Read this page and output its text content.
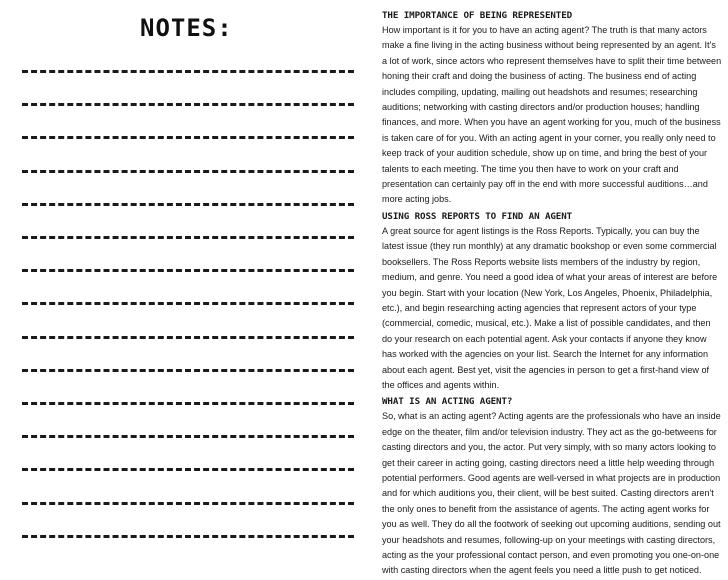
NOTES:	THE IMPORTANCE OF BEING REPRESENTED

How important is it for you to have an acting agent? The truth is that many actors make a fine living in the acting business without being represented by an agent. It's a lot of work, since actors who represent themselves have to split their time between honing their craft and doing the business of acting. The business end of acting includes compiling, updating, mailing out headshots and resumes; researching auditions; networking with casting directors and/or production houses; handling finances, and more. When you have an agent working for you, much of the business is taken care of for you. With an acting agent in your corner, you really only need to keep track of your audition schedule, show up on time, and bring the best of your talents to each meeting. The time you then have to work on your craft and presentation can certainly pay off in the end with more successful auditions…and more acting jobs.

USING ROSS REPORTS TO FIND AN AGENT

A great source for agent listings is the Ross Reports. Typically, you can buy the latest issue (they run monthly) at any dramatic bookshop or even some commercial booksellers. The Ross Reports website lists members of the industry by region, medium, and genre. You need a good idea of what your areas of interest are before you begin. Start with your location (New York, Los Angeles, Phoenix, Philadelphia, etc.), and begin researching acting agencies that represent actors of your type (commercial, comedic, musical, etc.). Make a list of possible candidates, and then do your research on each potential agent. Ask your contacts if anyone they know has worked with the agencies on your list. Search the Internet for any information about each agent. Best yet, visit the agencies in person to get a first-hand view of the offices and agents within.

WHAT IS AN ACTING AGENT?

So, what is an acting agent? Acting agents are the professionals who have an inside edge on the theater, film and/or television industry. They act as the go-betweens for casting directors and you, the actor. Put very simply, with so many actors looking to get their career in acting going, casting directors need a little help weeding through potential performers. Good agents are well-versed in what projects are in production and for which auditions you, their client, will be best suited. Casting directors aren't the only ones to benefit from the assistance of agents. The acting agent works for you as well. They do all the footwork of seeking out upcoming auditions, sending out your headshots and resumes, following-up on your meetings with casting directors, acting as the your professional contact person, and even promoting you one-on-one with casting directors when the agent feels you need a little push to get noticed.
